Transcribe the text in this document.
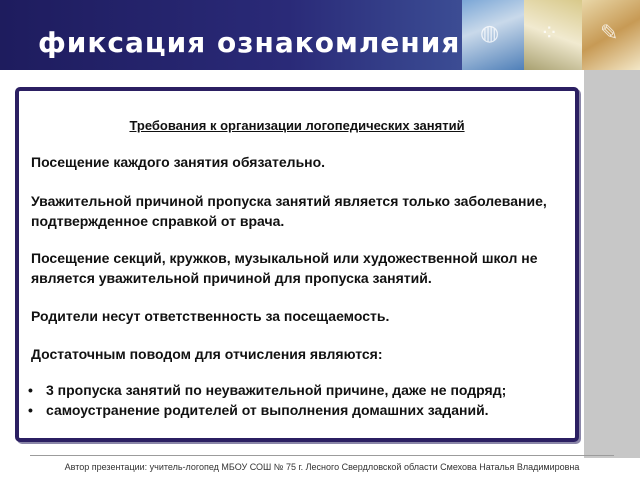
фиксация ознакомления ◍ ⁘ ✎
Требования к организации логопедических занятий
Посещение каждого занятия обязательно.
Уважительной причиной пропуска занятий является только заболевание, подтвержденное справкой от врача.
Посещение секций, кружков, музыкальной или художественной школ не является уважительной причиной для пропуска занятий.
Родители несут ответственность за посещаемость.
Достаточным поводом для отчисления являются:
• 3 пропуска занятий по неуважительной причине, даже не подряд;
• самоустранение родителей от выполнения домашних заданий.
Автор презентации: учитель-логопед МБОУ СОШ № 75 г. Лесного Свердловской области Смехова Наталья Владимировна
